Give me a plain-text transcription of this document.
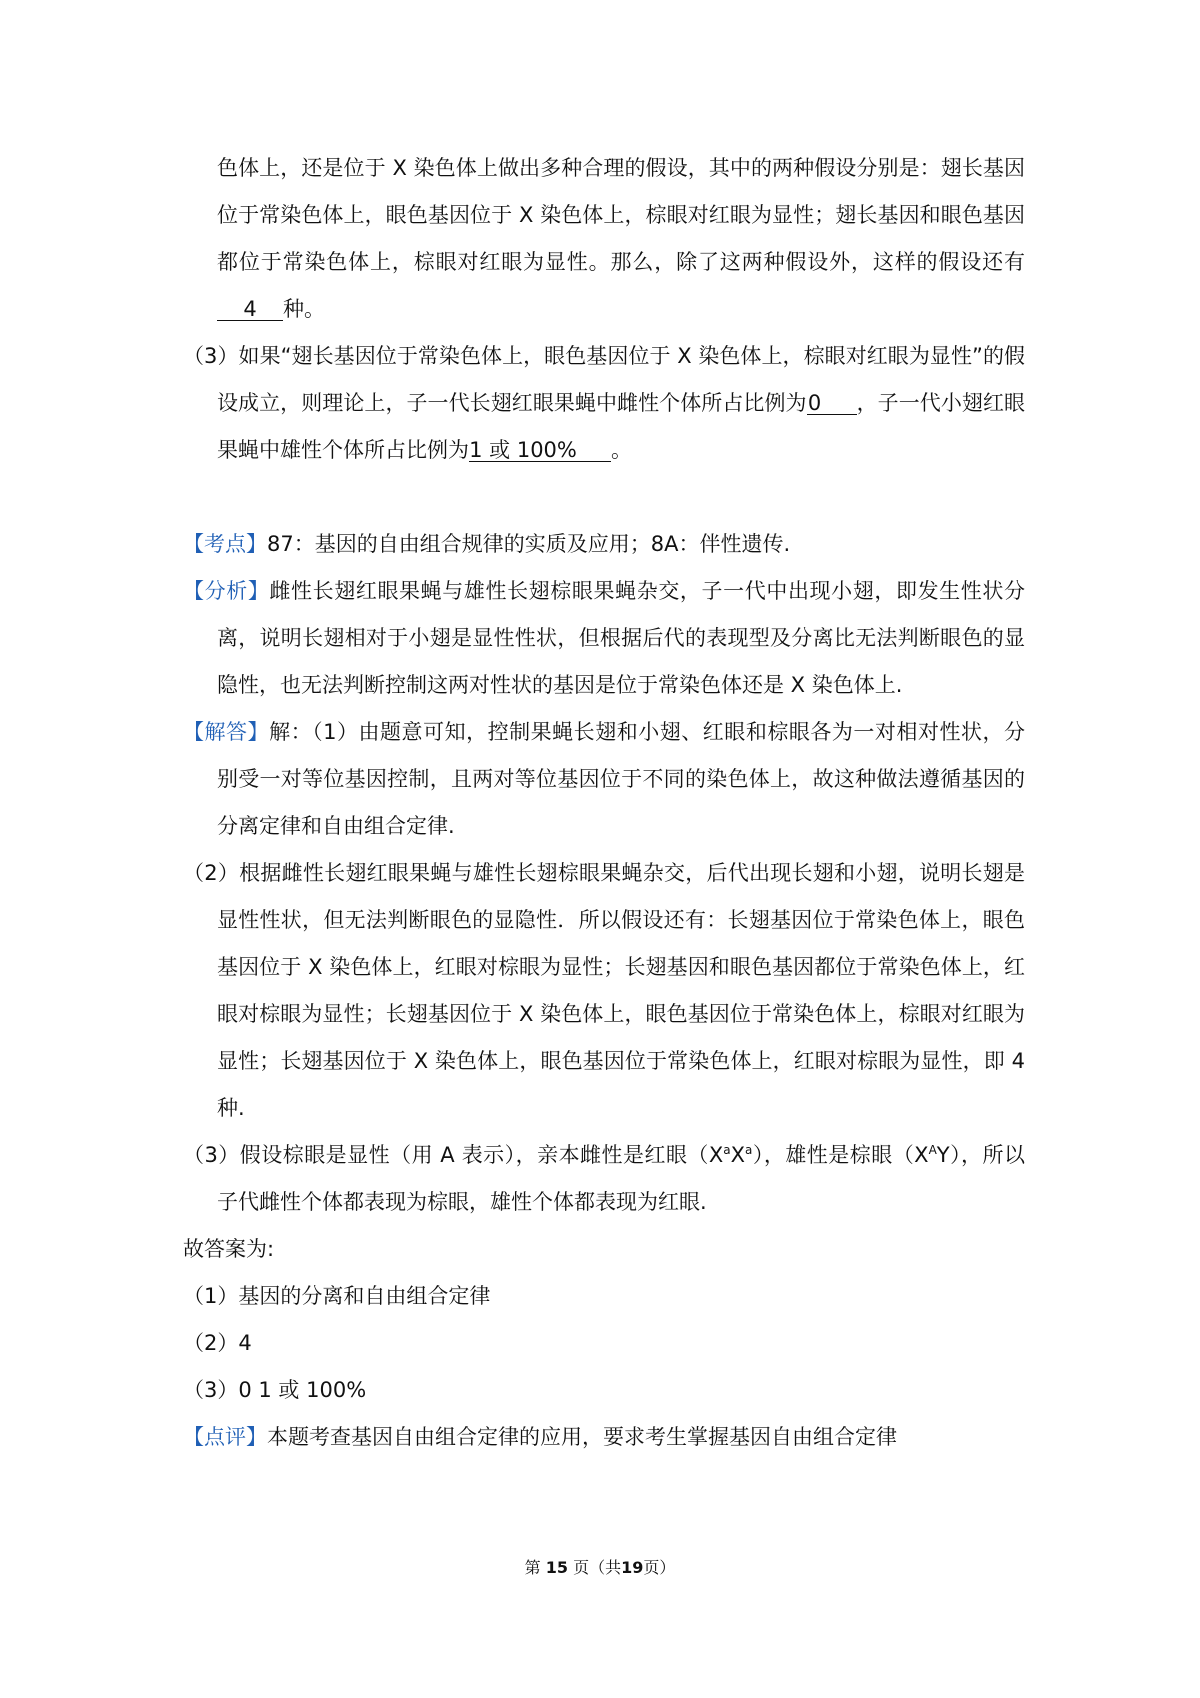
色体上，还是位于 X 染色体上做出多种合理的假设，其中的两种假设分别是：翅长基因位于常染色体上，眼色基因位于 X 染色体上，棕眼对红眼为显性；翅长基因和眼色基因都位于常染色体上，棕眼对红眼为显性。那么，除了这两种假设外，这样的假设还有4 种。

（3）如果“翅长基因位于常染色体上，眼色基因位于 X 染色体上，棕眼对红眼为显性”的假设成立，则理论上，子一代长翅红眼果蝇中雌性个体所占比例为0 ，子一代小翅红眼果蝇中雄性个体所占比例为1 或 100% 。

【考点】87：基因的自由组合规律的实质及应用；8A：伴性遗传.

【分析】雌性长翅红眼果蝇与雄性长翅棕眼果蝇杂交，子一代中出现小翅，即发生性状分离，说明长翅相对于小翅是显性性状，但根据后代的表现型及分离比无法判断眼色的显隐性，也无法判断控制这两对性状的基因是位于常染色体还是 X 染色体上.

【解答】解：（1）由题意可知，控制果蝇长翅和小翅、红眼和棕眼各为一对相对性状，分别受一对等位基因控制，且两对等位基因位于不同的染色体上，故这种做法遵循基因的分离定律和自由组合定律.

（2）根据雌性长翅红眼果蝇与雄性长翅棕眼果蝇杂交，后代出现长翅和小翅，说明长翅是显性性状，但无法判断眼色的显隐性．所以假设还有：长翅基因位于常染色体上，眼色基因位于 X 染色体上，红眼对棕眼为显性；长翅基因和眼色基因都位于常染色体上，红眼对棕眼为显性；长翅基因位于 X 染色体上，眼色基因位于常染色体上，棕眼对红眼为显性；长翅基因位于 X 染色体上，眼色基因位于常染色体上，红眼对棕眼为显性，即 4 种.

（3）假设棕眼是显性（用 A 表示），亲本雌性是红眼$(X^aX^a)$，雄性是棕眼$(X^AY)$，所以子代雌性个体都表现为棕眼，雄性个体都表现为红眼.

故答案为:

（1）基因的分离和自由组合定律

（2）4

（3）0 1 或 100%

【点评】本题考查基因自由组合定律的应用，要求考生掌握基因自由组合定律

第 15 页（共19页）
